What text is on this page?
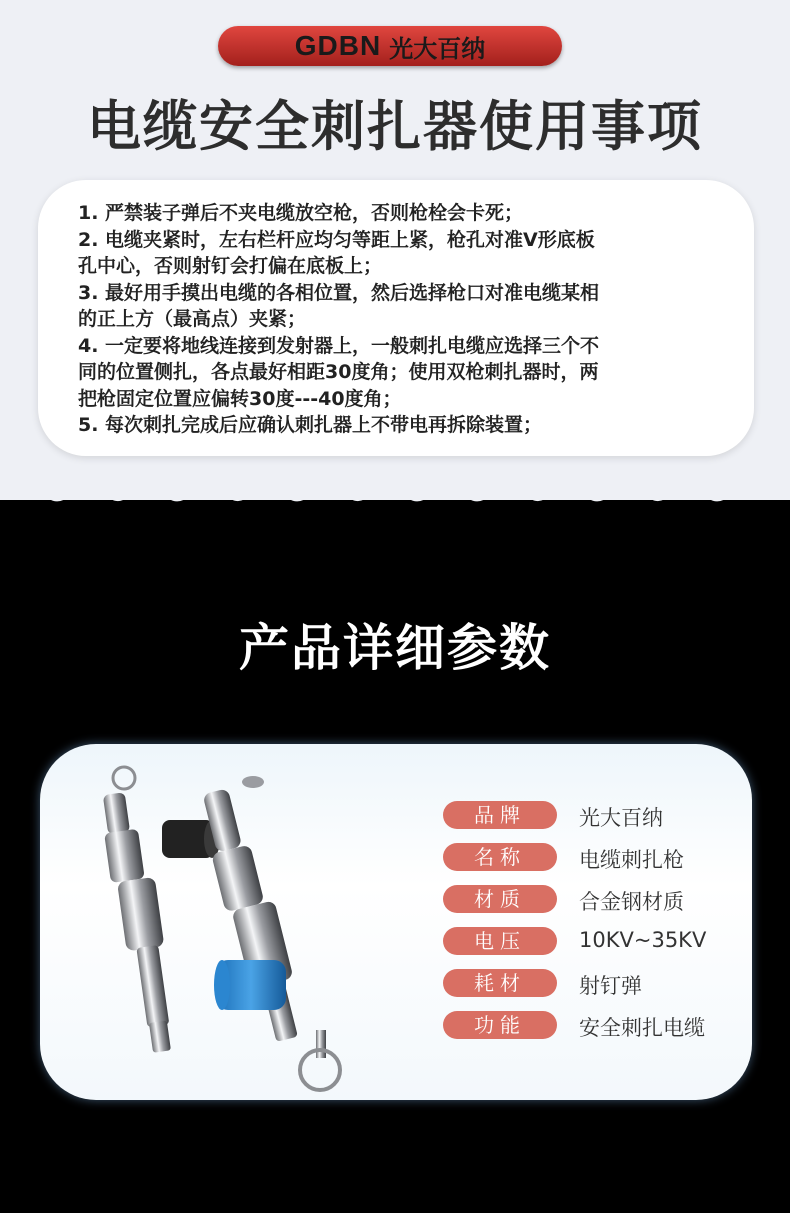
GDBN 光大百纳
电缆安全刺扎器使用事项
1. 严禁装子弹后不夹电缆放空枪，否则枪栓会卡死；
2. 电缆夹紧时，左右栏杆应均匀等距上紧，枪孔对准V形底板
孔中心，否则射钉会打偏在底板上；
3. 最好用手摸出电缆的各相位置，然后选择枪口对准电缆某相
的正上方（最高点）夹紧；
4. 一定要将地线连接到发射器上，一般刺扎电缆应选择三个不
同的位置侧扎，各点最好相距30度角；使用双枪刺扎器时，两
把枪固定位置应偏转30度---40度角；
5. 每次刺扎完成后应确认刺扎器上不带电再拆除装置；
产品详细参数
品牌	光大百纳
名称	电缆刺扎枪
材质	合金钢材质
电压	10KV~35KV
耗材	射钉弹
功能	安全刺扎电缆
